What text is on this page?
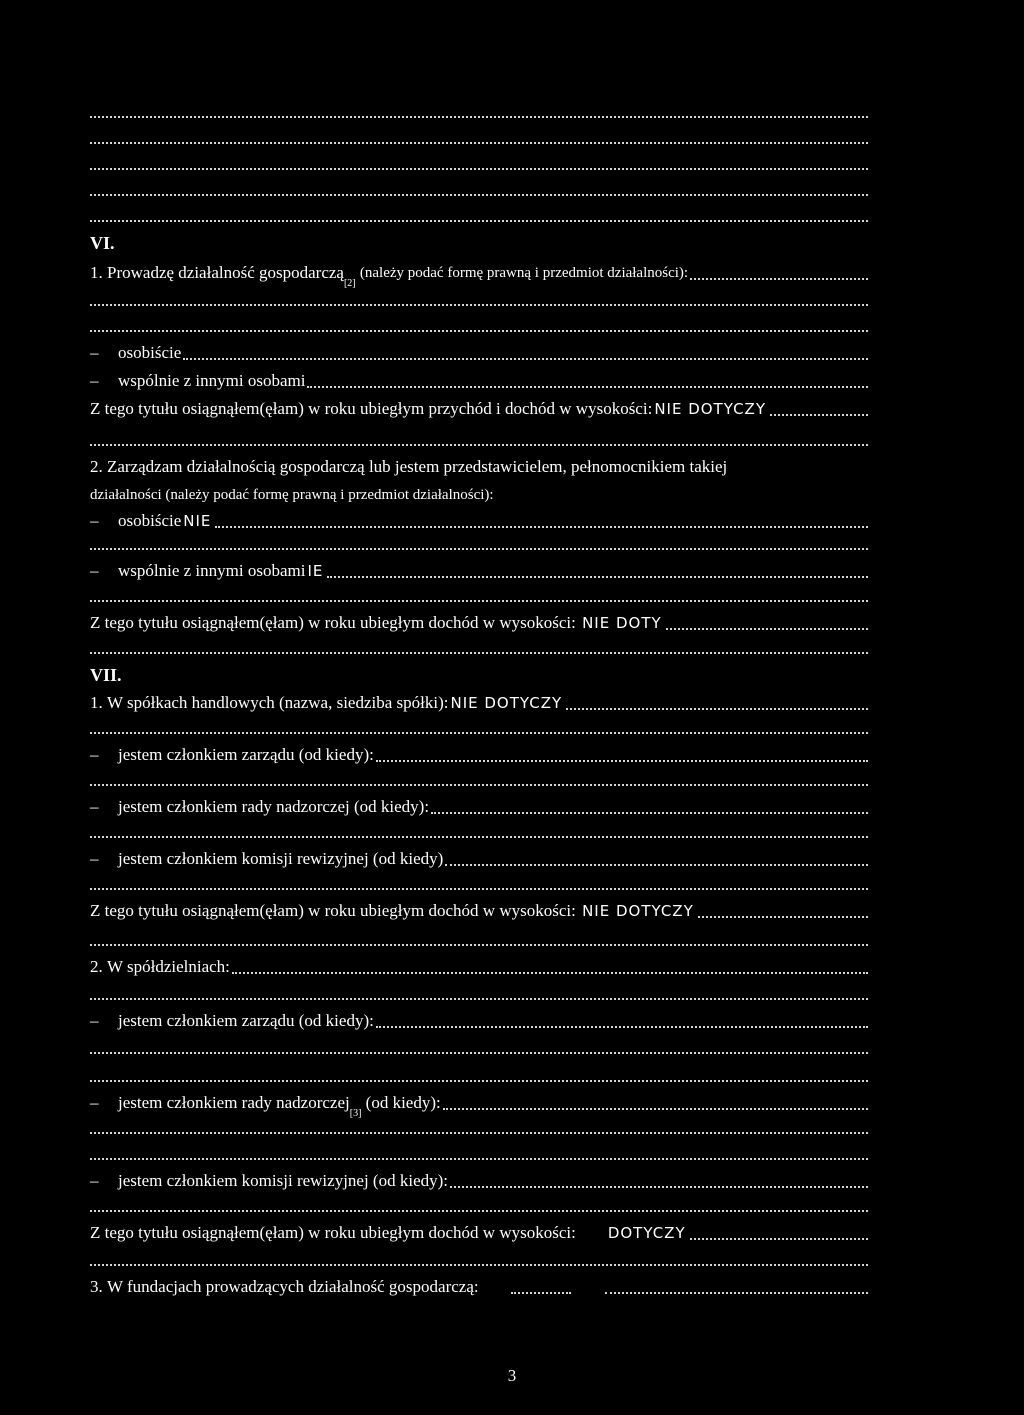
VI.
1.
Prowadzę działalność gospodarczą
[2]

(należy podać formę prawną i przedmiot działalności):
–	osobiście
–	wspólnie z innymi osobami
Z tego tytułu osiągnąłem(ęłam) w roku ubiegłym przychód i dochód w wysokości: NIE DOTYCZY
2.
Zarządzam działalnością gospodarczą lub jestem przedstawicielem, pełnomocnikiem takiej
działalności (należy podać formę prawną i przedmiot działalności):
–	osobiście NIE
–	wspólnie z innymi osobami IE
Z tego tytułu osiągnąłem(ęłam) w roku ubiegłym dochód w wysokości:
NIE DOTY
VII.
1.
W spółkach handlowych (nazwa, siedziba spółki): NIE DOTYCZY
–	jestem członkiem zarządu (od kiedy):
–	jestem członkiem rady nadzorczej (od kiedy):
–	jestem członkiem komisji rewizyjnej (od kiedy)
Z tego tytułu osiągnąłem(ęłam) w roku ubiegłym dochód w wysokości:
NIE DOTYCZY
2.
W spółdzielniach:
–	jestem członkiem zarządu (od kiedy):
–	jestem członkiem rady nadzorczej
[3]

(od kiedy):
–	jestem członkiem komisji rewizyjnej (od kiedy):
Z tego tytułu osiągnąłem(ęłam) w roku ubiegłym dochód w wysokości: DOTYCZY
3.
W fundacjach prowadzących działalność gospodarczą:
3
